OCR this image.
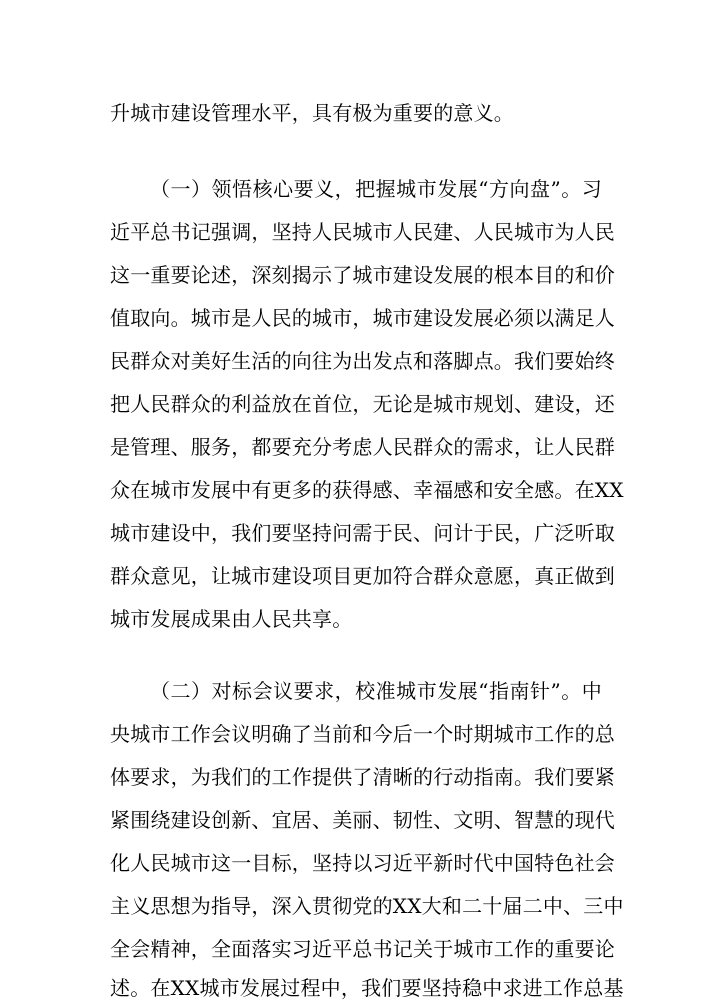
升城市建设管理水平，具有极为重要的意义。
（一）领悟核心要义，把握城市发展“方向盘”。习
近平总书记强调，坚持人民城市人民建、人民城市为人民
这一重要论述，深刻揭示了城市建设发展的根本目的和价
值取向。城市是人民的城市，城市建设发展必须以满足人
民群众对美好生活的向往为出发点和落脚点。我们要始终
把人民群众的利益放在首位，无论是城市规划、建设，还
是管理、服务，都要充分考虑人民群众的需求，让人民群
众在城市发展中有更多的获得感、幸福感和安全感。在XX
城市建设中，我们要坚持问需于民、问计于民，广泛听取
群众意见，让城市建设项目更加符合群众意愿，真正做到
城市发展成果由人民共享。
（二）对标会议要求，校准城市发展“指南针”。中
央城市工作会议明确了当前和今后一个时期城市工作的总
体要求，为我们的工作提供了清晰的行动指南。我们要紧
紧围绕建设创新、宜居、美丽、韧性、文明、智慧的现代
化人民城市这一目标，坚持以习近平新时代中国特色社会
主义思想为指导，深入贯彻党的XX大和二十届二中、三中
全会精神，全面落实习近平总书记关于城市工作的重要论
述。在XX城市发展过程中，我们要坚持稳中求进工作总基
